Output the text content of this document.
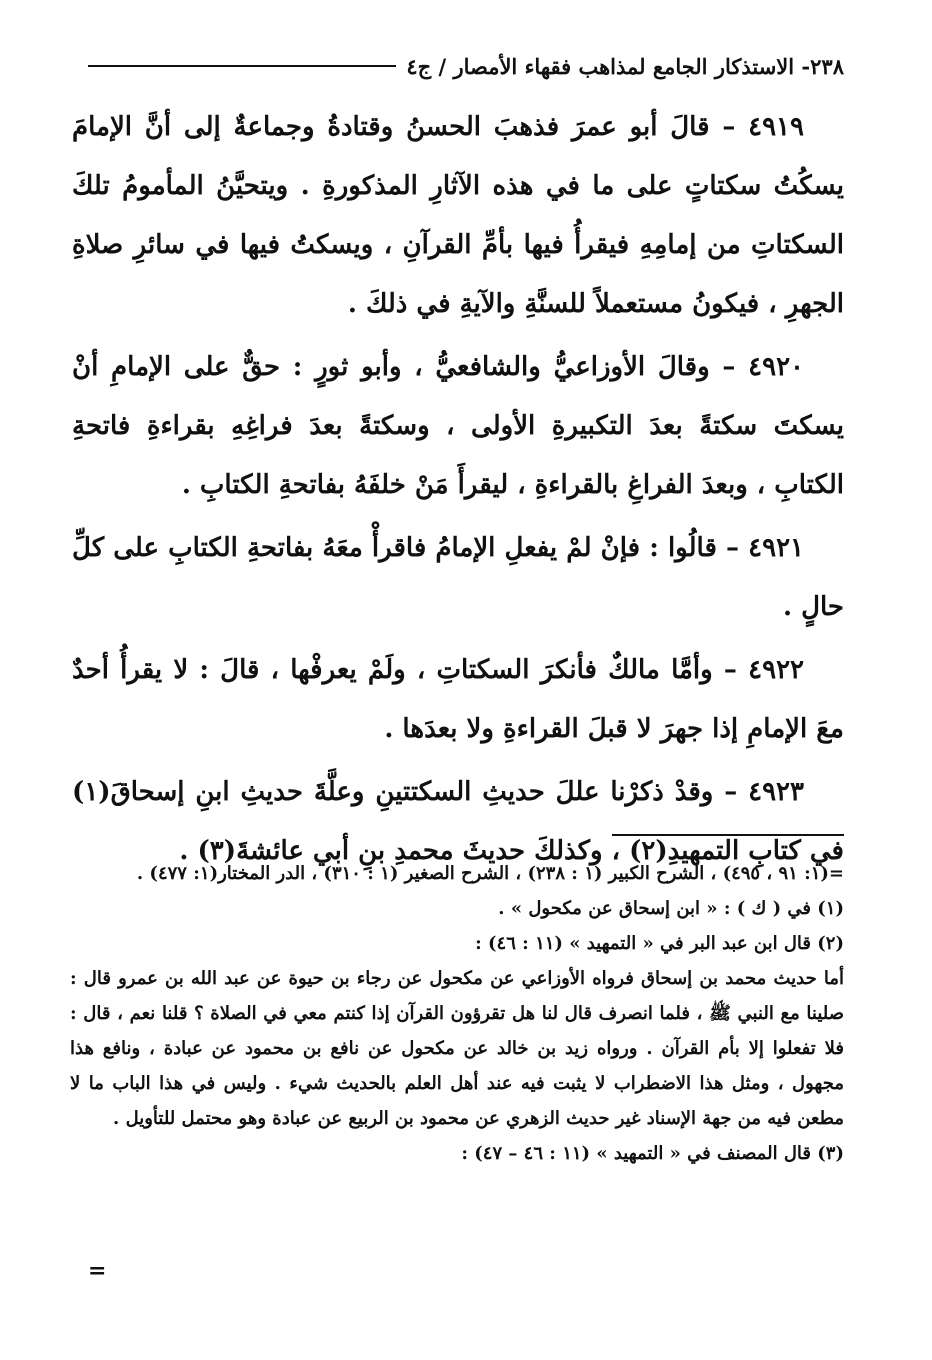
٢٣٨- الاستذكار الجامع لمذاهب فقهاء الأمصار / ج٤

٤٩١٩ – قالَ أبو عمرَ فذهبَ الحسنُ وقتادةُ وجماعةٌ إلى أنَّ الإمامَ يسكُتُ سكتاتٍ على ما في هذه الآثارِ المذكورةِ . ويتحيَّنُ المأمومُ تلكَ السكتاتِ من إمامِهِ فيقرأُ فيها بأمِّ القرآنِ ، ويسكتُ فيها في سائرِ صلاةِ الجهرِ ، فيكونُ مستعملاً للسنَّةِ والآيةِ في ذلكَ .

٤٩٢٠ – وقالَ الأوزاعيُّ والشافعيُّ ، وأبو ثورٍ : حقٌّ على الإمامِ أنْ يسكتَ سكتةً بعدَ التكبيرةِ الأولى ، وسكتةً بعدَ فراغِهِ بقراءةِ فاتحةِ الكتابِ ، وبعدَ الفراغِ بالقراءةِ ، ليقرأَ مَنْ خلفَهُ بفاتحةِ الكتابِ .

٤٩٢١ – قالُوا : فإنْ لمْ يفعلِ الإمامُ فاقرأْ معَهُ بفاتحةِ الكتابِ على كلِّ حالٍ .

٤٩٢٢ – وأمَّا مالكٌ فأنكرَ السكتاتِ ، ولَمْ يعرفْها ، قالَ : لا يقرأُ أحدٌ معَ الإمامِ إذا جهرَ لا قبلَ القراءةِ ولا بعدَها .

٤٩٢٣ – وقدْ ذكرْنا عللَ حديثِ السكتتينِ وعلَّةَ حديثِ ابنِ إسحاقَ(١) في كتابِ التمهيدِ(٢) ، وكذلكَ حديثَ محمدِ بنِ أبي عائشةَ(٣) .

=(١: ٩١ ، ٤٩٥) ، الشرح الكبير (١ : ٢٣٨) ، الشرح الصغير (١ : ٣١٠) ، الدر المختار(١: ٤٧٧) .

(١) في ( ك ) : « ابن إسحاق عن مكحول » .

(٢) قال ابن عبد البر في « التمهيد » (١١ : ٤٦) :

أما حديث محمد بن إسحاق فرواه الأوزاعي عن مكحول عن رجاء بن حيوة عن عبد الله بن عمرو قال : صلينا مع النبي ﷺ ، فلما انصرف قال لنا هل تقرؤون القرآن إذا كنتم معي في الصلاة ؟ قلنا نعم ، قال : فلا تفعلوا إلا بأم القرآن . ورواه زيد بن خالد عن مكحول عن نافع بن محمود عن عبادة ، ونافع هذا مجهول ، ومثل هذا الاضطراب لا يثبت فيه عند أهل العلم بالحديث شيء . وليس في هذا الباب ما لا مطعن فيه من جهة الإسناد غير حديث الزهري عن محمود بن الربيع عن عبادة وهو محتمل للتأويل .

(٣) قال المصنف في « التمهيد » (١١ : ٤٦ – ٤٧) :

=
